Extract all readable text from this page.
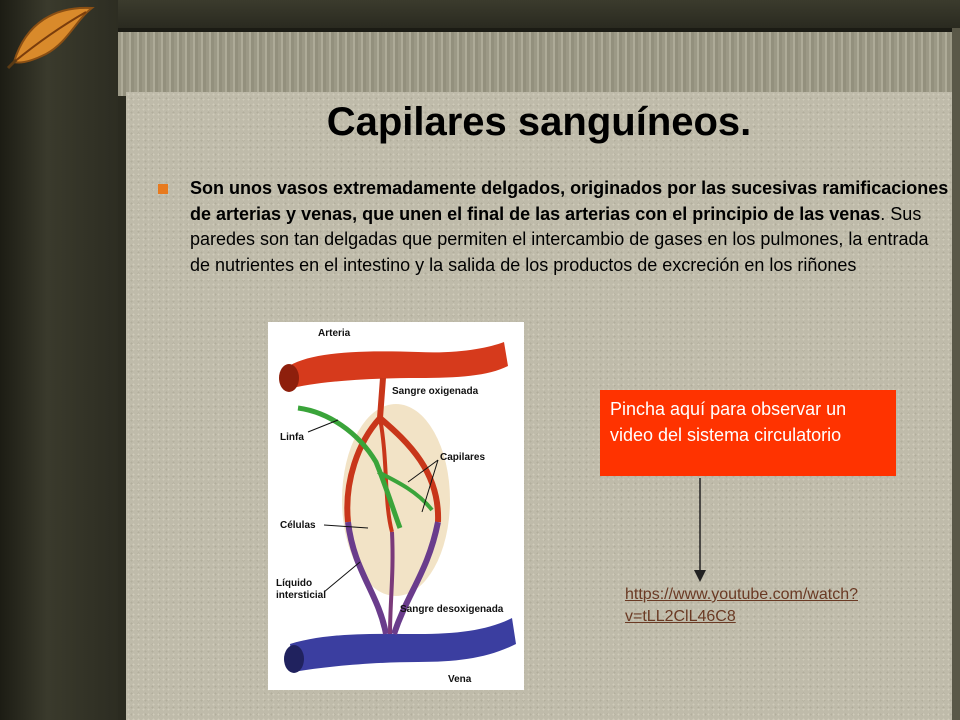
Capilares sanguíneos.

Son unos vasos extremadamente delgados, originados por las sucesivas ramificaciones de arterias y venas, que unen el final de las arterias con el principio de las venas. Sus paredes son tan delgadas que permiten el intercambio de gases en los pulmones, la entrada de nutrientes en el intestino y la salida de los productos de excreción en los riñones

Arteria
Sangre oxigenada
Linfa
Capilares
Células
Líquido
intersticial
Sangre desoxigenada
Vena
Pincha aquí para observar un video del sistema circulatorio
https://www.youtube.com/watch?v=tLL2ClL46C8
